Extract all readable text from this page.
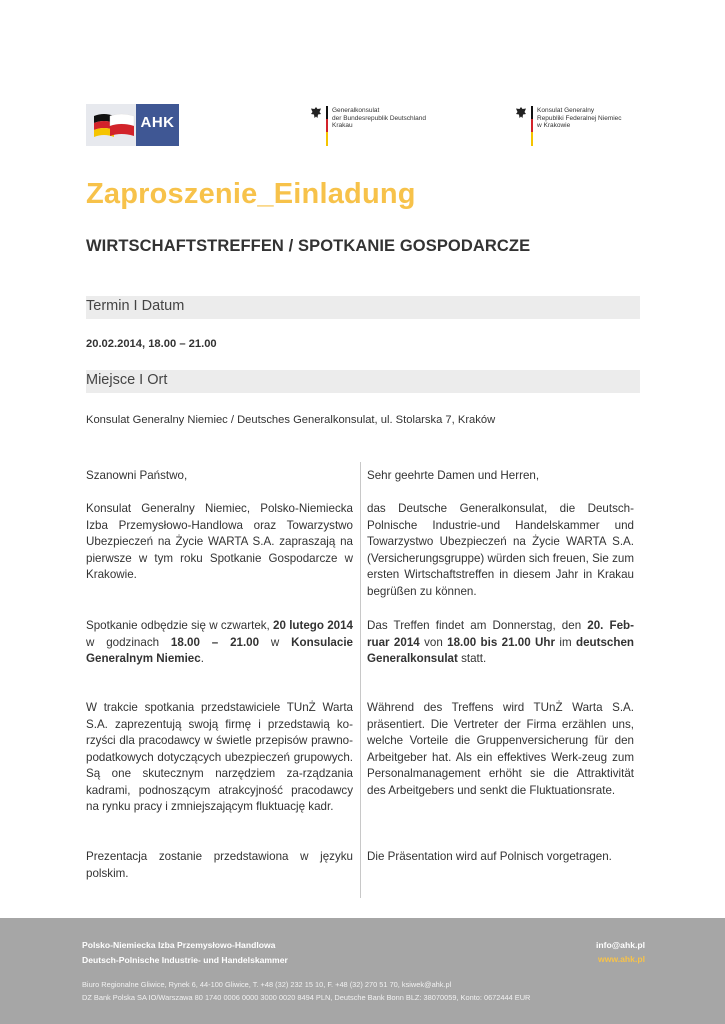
AHK
Generalkonsulat
der Bundesrepublik Deutschland
Krakau
Konsulat Generalny
Republiki Federalnej Niemiec
w Krakowie
Zaproszenie_Einladung
WIRTSCHAFTSTREFFEN / SPOTKANIE GOSPODARCZE
Termin I Datum
20.02.2014, 18.00 – 21.00
Miejsce I Ort
Konsulat Generalny Niemiec / Deutsches Generalkonsulat, ul. Stolarska 7, Kraków
Szanowni Państwo,
Konsulat Generalny Niemiec, Polsko-Niemiecka Izba Przemysłowo-Handlowa oraz Towarzystwo Ubezpieczeń na Życie WARTA S.A. zapraszają na pierwsze w tym roku Spotkanie Gospodarcze w Krakowie.
Spotkanie odbędzie się w czwartek, 20 lutego 2014 w godzinach 18.00 – 21.00 w Konsulacie Generalnym Niemiec.
W trakcie spotkania przedstawiciele TUnŻ Warta S.A. zaprezentują swoją firmę i przedstawią ko-rzyści dla pracodawcy w świetle przepisów prawno-podatkowych dotyczących ubezpieczeń grupowych. Są one skutecznym narzędziem za-rządzania kadrami, podnoszącym atrakcyjność pracodawcy na rynku pracy i zmniejszającym fluktuację kadr.
Prezentacja zostanie przedstawiona w języku polskim.
Sehr geehrte Damen und Herren,
das Deutsche Generalkonsulat, die Deutsch-Polnische Industrie-und Handelskammer und Towarzystwo Ubezpieczeń na Życie WARTA S.A. (Versicherungsgruppe) würden sich freuen, Sie zum ersten Wirtschaftstreffen in diesem Jahr in Krakau begrüßen zu können.
Das Treffen findet am Donnerstag, den 20. Feb-ruar 2014 von 18.00 bis 21.00 Uhr im deutschen Generalkonsulat statt.
Während des Treffens wird TUnŻ Warta S.A. präsentiert. Die Vertreter der Firma erzählen uns, welche Vorteile die Gruppenversicherung für den Arbeitgeber hat. Als ein effektives Werk-zeug zum Personalmanagement erhöht sie die Attraktivität des Arbeitgebers und senkt die Fluktuationsrate.
Die Präsentation wird auf Polnisch vorgetragen.
Polsko-Niemiecka Izba Przemysłowo-Handlowa
Deutsch-Polnische Industrie- und Handelskammer
info@ahk.pl
www.ahk.pl
Biuro Regionalne Gliwice, Rynek 6, 44-100 Gliwice, T. +48 (32) 232 15 10, F. +48 (32) 270 51 70, ksiwek@ahk.pl
DZ Bank Polska SA IO/Warszawa 80 1740 0006 0000 3000 0020 8494 PLN, Deutsche Bank Bonn BLZ: 38070059, Konto: 0672444 EUR
